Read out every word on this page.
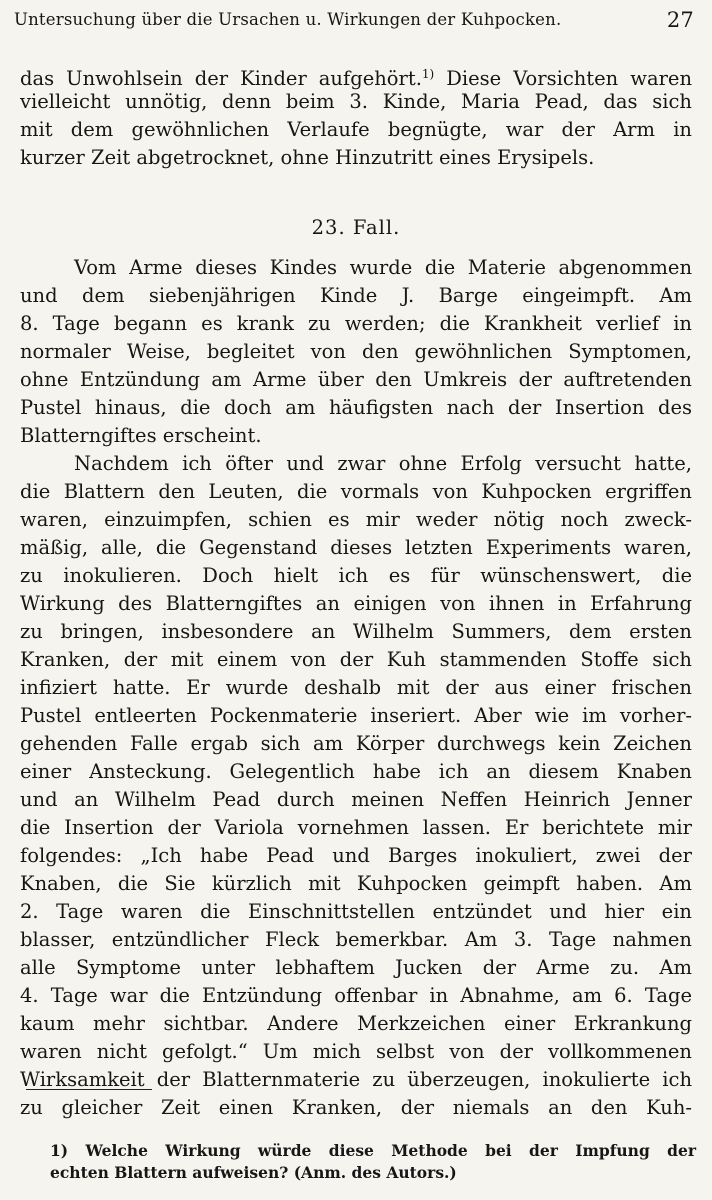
Untersuchung über die Ursachen u. Wirkungen der Kuhpocken.	27
das Unwohlsein der Kinder aufgehört.$^{1)}$ Diese Vorsichten waren
vielleicht unnötig, denn beim 3. Kinde, Maria Pead, das sich
mit dem gewöhnlichen Verlaufe begnügte, war der Arm in
kurzer Zeit abgetrocknet, ohne Hinzutritt eines Erysipels.
23. Fall.
Vom Arme dieses Kindes wurde die Materie abgenommen
und dem siebenjährigen Kinde J. Barge eingeimpft. Am
8. Tage begann es krank zu werden; die Krankheit verlief in
normaler Weise, begleitet von den gewöhnlichen Symptomen,
ohne Entzündung am Arme über den Umkreis der auftretenden
Pustel hinaus, die doch am häufigsten nach der Insertion des
Blatterngiftes erscheint.
Nachdem ich öfter und zwar ohne Erfolg versucht hatte,
die Blattern den Leuten, die vormals von Kuhpocken ergriffen
waren, einzuimpfen, schien es mir weder nötig noch zweck-
mäßig, alle, die Gegenstand dieses letzten Experiments waren,
zu inokulieren. Doch hielt ich es für wünschenswert, die
Wirkung des Blatterngiftes an einigen von ihnen in Erfahrung
zu bringen, insbesondere an Wilhelm Summers, dem ersten
Kranken, der mit einem von der Kuh stammenden Stoffe sich
infiziert hatte. Er wurde deshalb mit der aus einer frischen
Pustel entleerten Pockenmaterie inseriert. Aber wie im vorher-
gehenden Falle ergab sich am Körper durchwegs kein Zeichen
einer Ansteckung. Gelegentlich habe ich an diesem Knaben
und an Wilhelm Pead durch meinen Neffen Heinrich Jenner
die Insertion der Variola vornehmen lassen. Er berichtete mir
folgendes: „Ich habe Pead und Barges inokuliert, zwei der
Knaben, die Sie kürzlich mit Kuhpocken geimpft haben. Am
2. Tage waren die Einschnittstellen entzündet und hier ein
blasser, entzündlicher Fleck bemerkbar. Am 3. Tage nahmen
alle Symptome unter lebhaftem Jucken der Arme zu. Am
4. Tage war die Entzündung offenbar in Abnahme, am 6. Tage
kaum mehr sichtbar. Andere Merkzeichen einer Erkrankung
waren nicht gefolgt.“ Um mich selbst von der vollkommenen
Wirksamkeit der Blatternmaterie zu überzeugen, inokulierte ich
zu gleicher Zeit einen Kranken, der niemals an den Kuh-
1) Welche Wirkung würde diese Methode bei der Impfung der
echten Blattern aufweisen? (Anm. des Autors.)
